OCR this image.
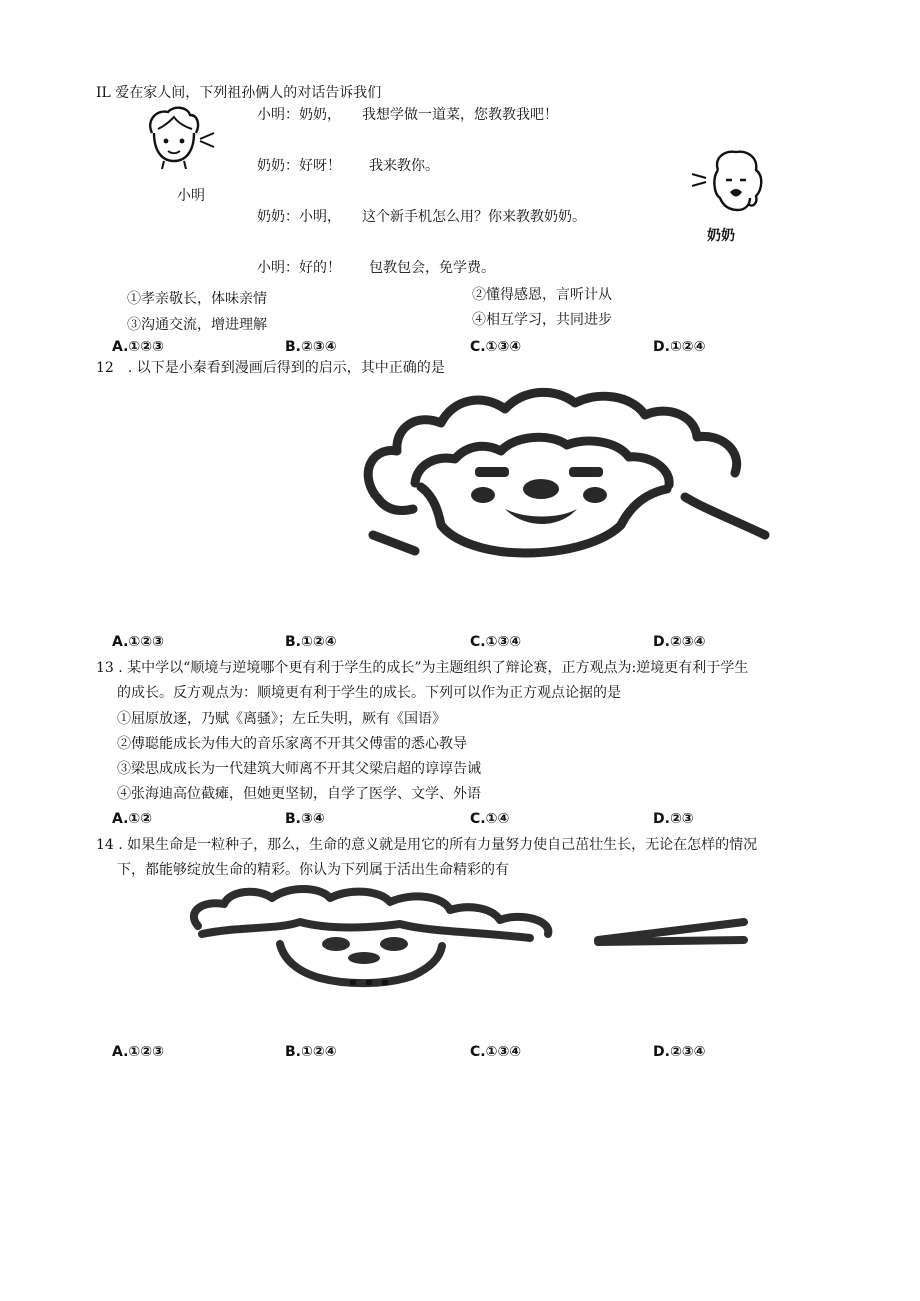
IL 爱在家人间，下列祖孙俩人的对话告诉我们
小明
小明：奶奶，　　我想学做一道菜，您教教我吧！
奶奶：好呀！　　我来教你。
奶奶：小明，　　这个新手机怎么用？你来教教奶奶。
小明：好的！　　包教包会，免学费。
奶奶
①孝亲敬长，体味亲情	②懂得感恩，言听计从
③沟通交流，增进理解	④相互学习，共同进步
A.①②③	B.②③④	C.①③④	D.①②④
12　. 以下是小秦看到漫画后得到的启示，其中正确的是
A.①②③	B.①②④	C.①③④	D.②③④
13 . 某中学以“顺境与逆境哪个更有利于学生的成长”为主题组织了辩论赛，正方观点为:逆境更有利于学生
的成长。反方观点为：顺境更有利于学生的成长。下列可以作为正方观点论据的是
①屈原放逐，乃赋《离骚》；左丘失明，厥有《国语》
②傅聪能成长为伟大的音乐家离不开其父傅雷的悉心教导
③梁思成成长为一代建筑大师离不开其父梁启超的谆谆告诫
④张海迪高位截瘫，但她更坚韧，自学了医学、文学、外语
A.①②	B.③④	C.①④	D.②③
14 . 如果生命是一粒种子，那么，生命的意义就是用它的所有力量努力使自己茁壮生长，无论在怎样的情况
下，都能够绽放生命的精彩。你认为下列属于活出生命精彩的有
A.①②③	B.①②④	C.①③④	D.②③④
